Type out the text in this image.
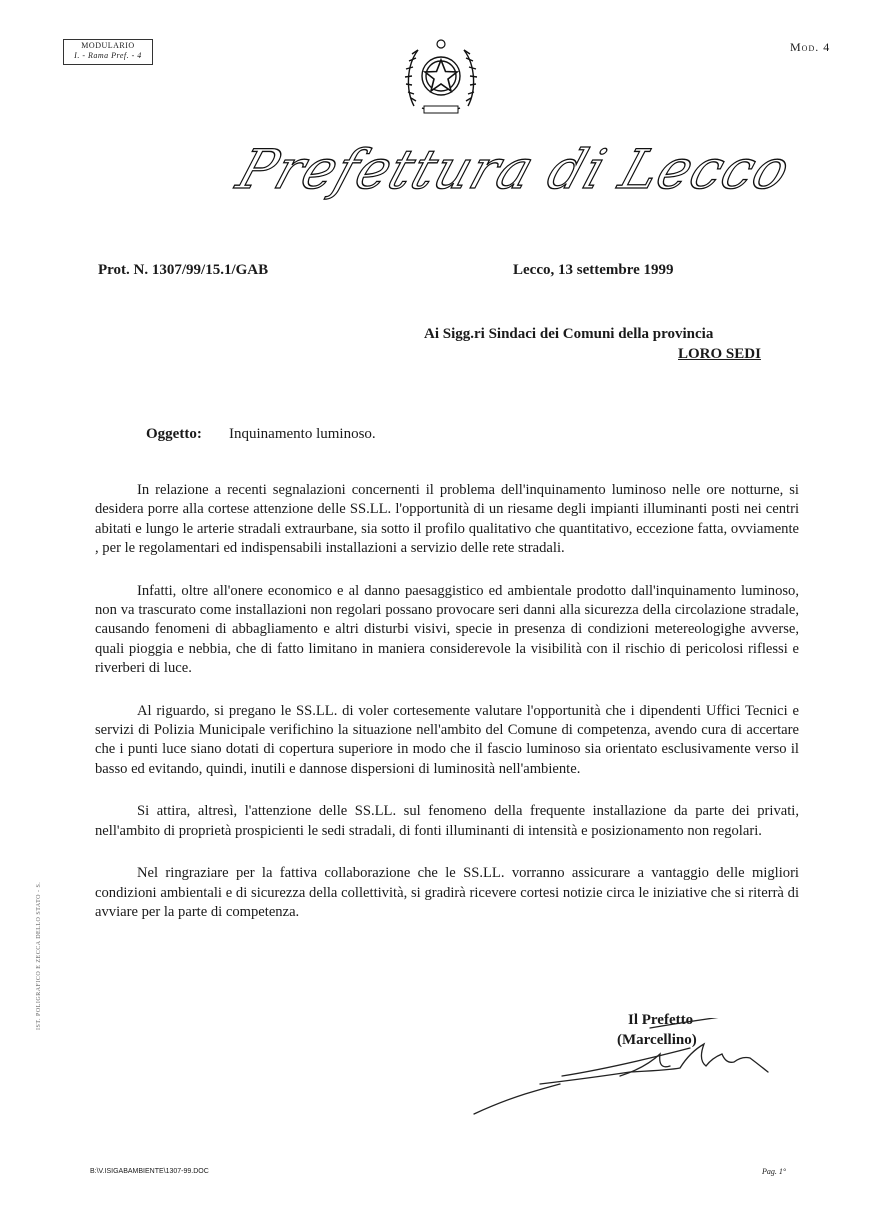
MODULARIO
I. - Rama Pref. - 4
Mod. 4
Prefettura di Lecco
Prot. N. 1307/99/15.1/GAB	Lecco, 13 settembre 1999
Ai Sigg.ri Sindaci dei Comuni della provincia
LORO SEDI
Oggetto: Inquinamento luminoso.

In relazione a recenti segnalazioni concernenti il problema dell'inquinamento luminoso nelle ore notturne, si desidera porre alla cortese attenzione delle SS.LL. l'opportunità di un riesame degli impianti illuminanti posti nei centri abitati e lungo le arterie stradali extraurbane, sia sotto il profilo qualitativo che quantitativo, eccezione fatta, ovviamente , per le regolamentari ed indispensabili installazioni a servizio delle rete stradali.

Infatti, oltre all'onere economico e al danno paesaggistico ed ambientale prodotto dall'inquinamento luminoso, non va trascurato come installazioni non regolari possano provocare seri danni alla sicurezza della circolazione stradale, causando fenomeni di abbagliamento e altri disturbi visivi, specie in presenza di condizioni metereologighe avverse, quali pioggia e nebbia, che di fatto limitano in maniera considerevole la visibilità con il rischio di pericolosi riflessi e riverberi di luce.

Al riguardo, si pregano le SS.LL. di voler cortesemente valutare l'opportunità che i dipendenti Uffici Tecnici e servizi di Polizia Municipale verifichino la situazione nell'ambito del Comune di competenza, avendo cura di accertare che i punti luce siano dotati di copertura superiore in modo che il fascio luminoso sia orientato esclusivamente verso il basso ed evitando, quindi, inutili e dannose dispersioni di luminosità nell'ambiente.

Si attira, altresì, l'attenzione delle SS.LL. sul fenomeno della frequente installazione da parte dei privati, nell'ambito di proprietà prospicienti le sedi stradali, di fonti illuminanti di intensità e posizionamento non regolari.

Nel ringraziare per la fattiva collaborazione che le SS.LL. vorranno assicurare a vantaggio delle migliori condizioni ambientali e di sicurezza della collettività, si gradirà ricevere cortesi notizie circa le iniziative che si riterrà di avviare per la parte di competenza.

Il Prefetto
(Marcellino)
IST. POLIGRAFICO E ZECCA DELLO STATO - S.
B:\V.ISIGABAMBIENTE\1307-99.DOC	Pag. 1°
